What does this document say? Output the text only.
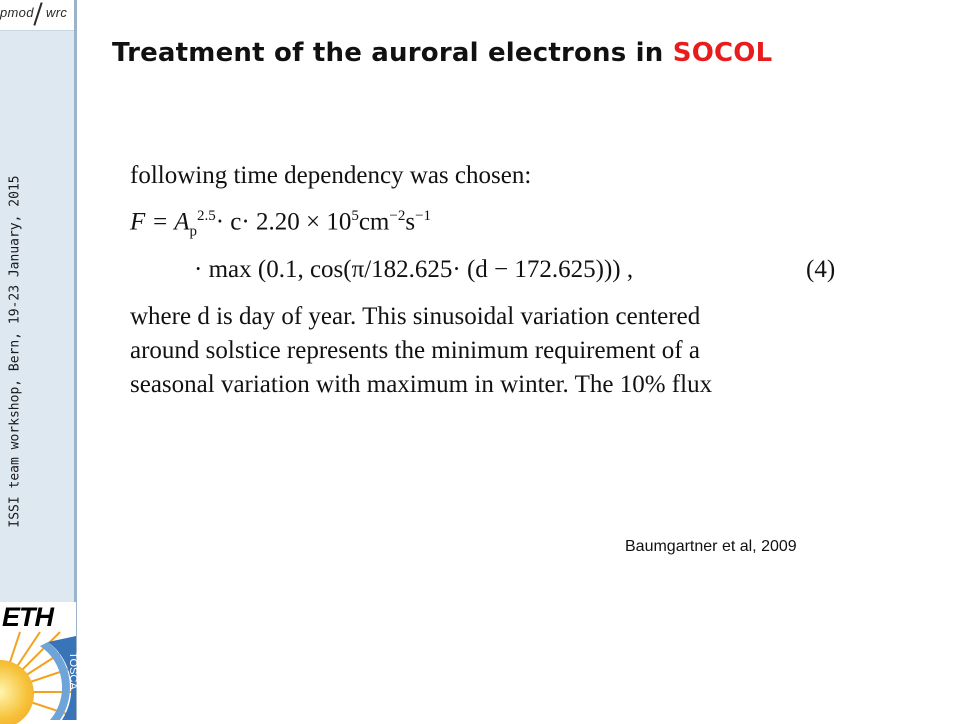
pmod wrc
ISSI team workshop, Bern, 19-23 January, 2015
ETH
TOSCA
Treatment of the auroral electrons in SOCOL
following time dependency was chosen:
$F = A_p^{2.5}\cdot c\cdot 2.20 \times 10^5cm^{-2}s^{-1}$
· max (0.1, cos(π/182.625· (d − 172.625))) ,	(4)
where d is day of year. This sinusoidal variation centered
around solstice represents the minimum requirement of a
seasonal variation with maximum in winter. The 10% flux
Baumgartner et al, 2009
